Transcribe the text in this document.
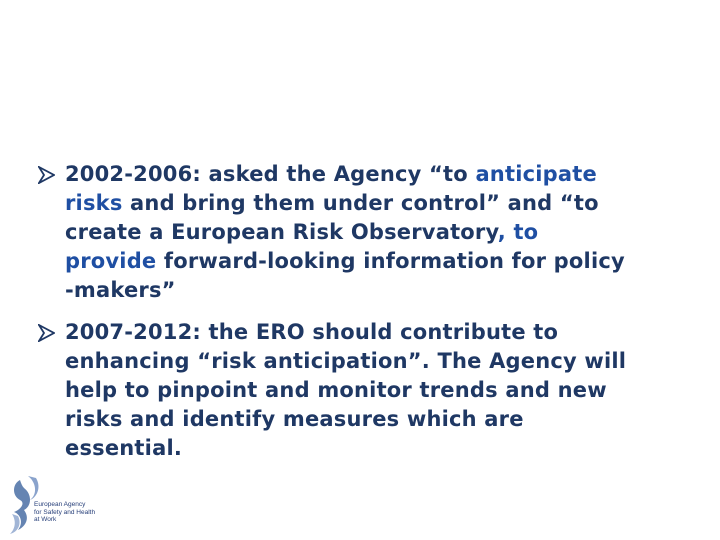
2002-2006: asked the Agency “to anticipate
risks and bring them under control” and “to
create a European Risk Observatory, to
provide forward-looking information for policy
-makers”
2007-2012: the ERO should contribute to
enhancing “risk anticipation”. The Agency will
help to pinpoint and monitor trends and new
risks and identify measures which are
essential.
European Agency
for Safety and Health
at Work
